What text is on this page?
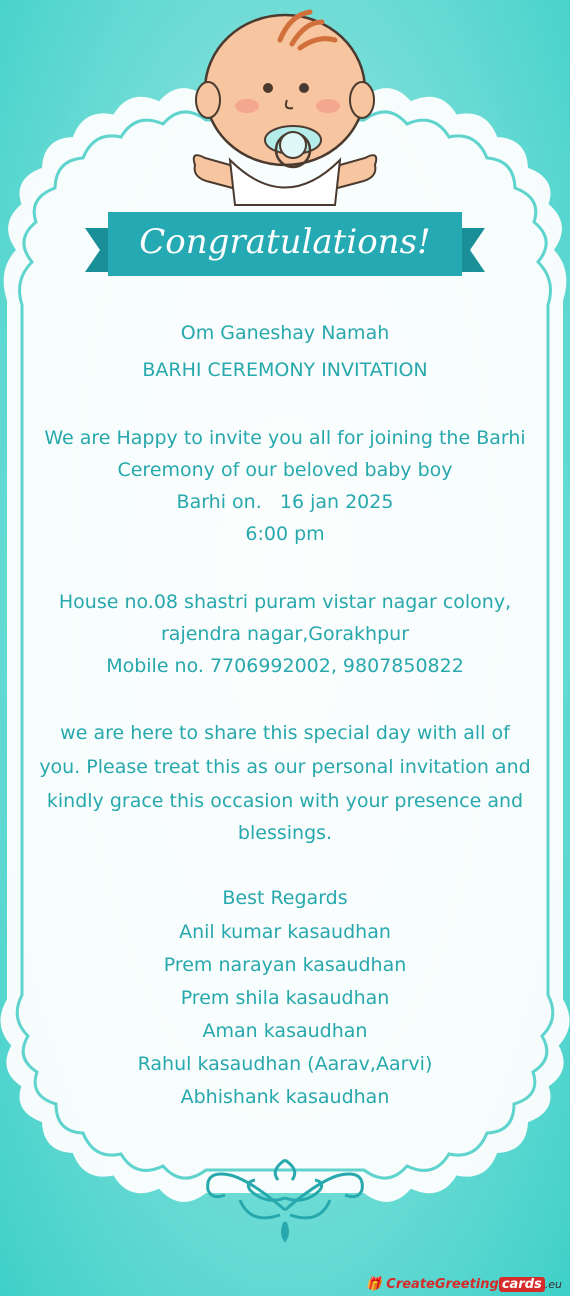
Congratulations!

Om Ganeshay Namah

BARHI CEREMONY INVITATION

We are Happy to invite you all for joining the Barhi

Ceremony of our beloved baby boy

Barhi on.   16 jan 2025

6:00 pm

House no.08 shastri puram vistar nagar colony,

rajendra nagar,Gorakhpur

Mobile no. 7706992002, 9807850822

we are here to share this special day with all of

you. Please treat this as our personal invitation and

kindly grace this occasion with your presence and

blessings.

Best Regards

Anil kumar kasaudhan

Prem narayan kasaudhan

Prem shila kasaudhan

Aman kasaudhan

Rahul kasaudhan (Aarav,Aarvi)

Abhishank kasaudhan

🎁 CreateGreeting cards .eu
